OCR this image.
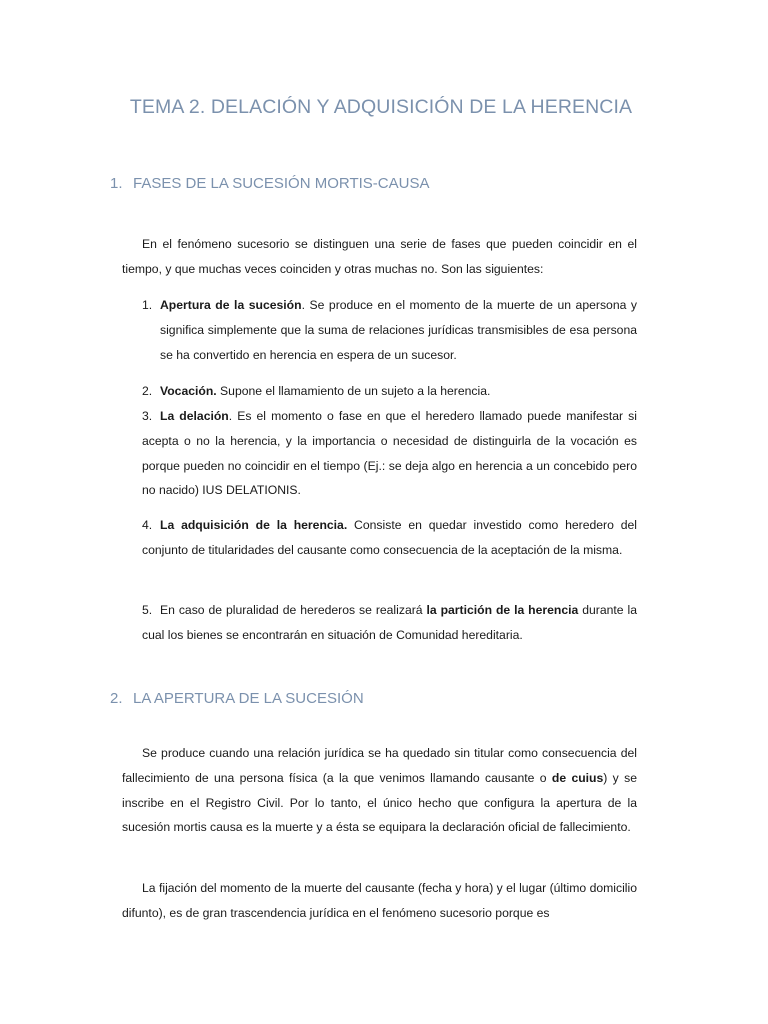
TEMA 2. DELACIÓN Y ADQUISICIÓN DE LA HERENCIA
1. FASES DE LA SUCESIÓN MORTIS-CAUSA
En el fenómeno sucesorio se distinguen una serie de fases que pueden coincidir en el tiempo, y que muchas veces coinciden y otras muchas no. Son las siguientes:
1. Apertura de la sucesión. Se produce en el momento de la muerte de un apersona y significa simplemente que la suma de relaciones jurídicas transmisibles de esa persona se ha convertido en herencia en espera de un sucesor.
2. Vocación. Supone el llamamiento de un sujeto a la herencia.
3. La delación. Es el momento o fase en que el heredero llamado puede manifestar si acepta o no la herencia, y la importancia o necesidad de distinguirla de la vocación es porque pueden no coincidir en el tiempo (Ej.: se deja algo en herencia a un concebido pero no nacido) IUS DELATIONIS.
4. La adquisición de la herencia. Consiste en quedar investido como heredero del conjunto de titularidades del causante como consecuencia de la aceptación de la misma.
5. En caso de pluralidad de herederos se realizará la partición de la herencia durante la cual los bienes se encontrarán en situación de Comunidad hereditaria.
2. LA APERTURA DE LA SUCESIÓN
Se produce cuando una relación jurídica se ha quedado sin titular como consecuencia del fallecimiento de una persona física (a la que venimos llamando causante o de cuius) y se inscribe en el Registro Civil. Por lo tanto, el único hecho que configura la apertura de la sucesión mortis causa es la muerte y a ésta se equipara la declaración oficial de fallecimiento.
La fijación del momento de la muerte del causante (fecha y hora) y el lugar (último domicilio difunto), es de gran trascendencia jurídica en el fenómeno sucesorio porque es
